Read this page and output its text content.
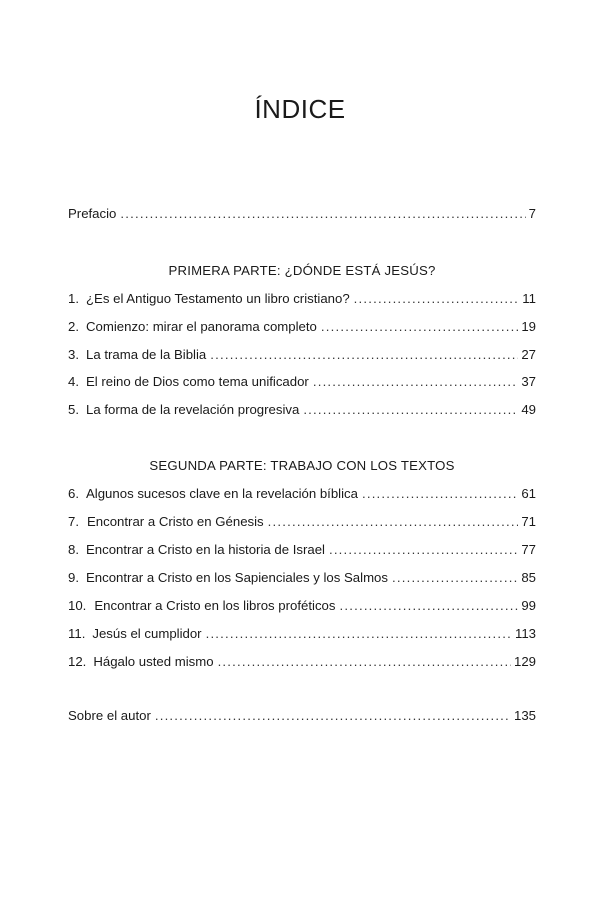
ÍNDICE
Prefacio .....	7
PRIMERA PARTE: ¿DÓNDE ESTÁ JESÚS?
1. ¿Es el Antiguo Testamento un libro cristiano? .....	11
2. Comienzo: mirar el panorama completo .....	19
3. La trama de la Biblia .....	27
4. El reino de Dios como tema unificador .....	37
5. La forma de la revelación progresiva .....	49
SEGUNDA PARTE: TRABAJO CON LOS TEXTOS
6. Algunos sucesos clave en la revelación bíblica .....	61
7. Encontrar a Cristo en Génesis .....	71
8. Encontrar a Cristo en la historia de Israel .....	77
9. Encontrar a Cristo en los Sapienciales y los Salmos .....	85
10. Encontrar a Cristo en los libros proféticos .....	99
11. Jesús el cumplidor .....	113
12. Hágalo usted mismo .....	129
Sobre el autor .....	135
